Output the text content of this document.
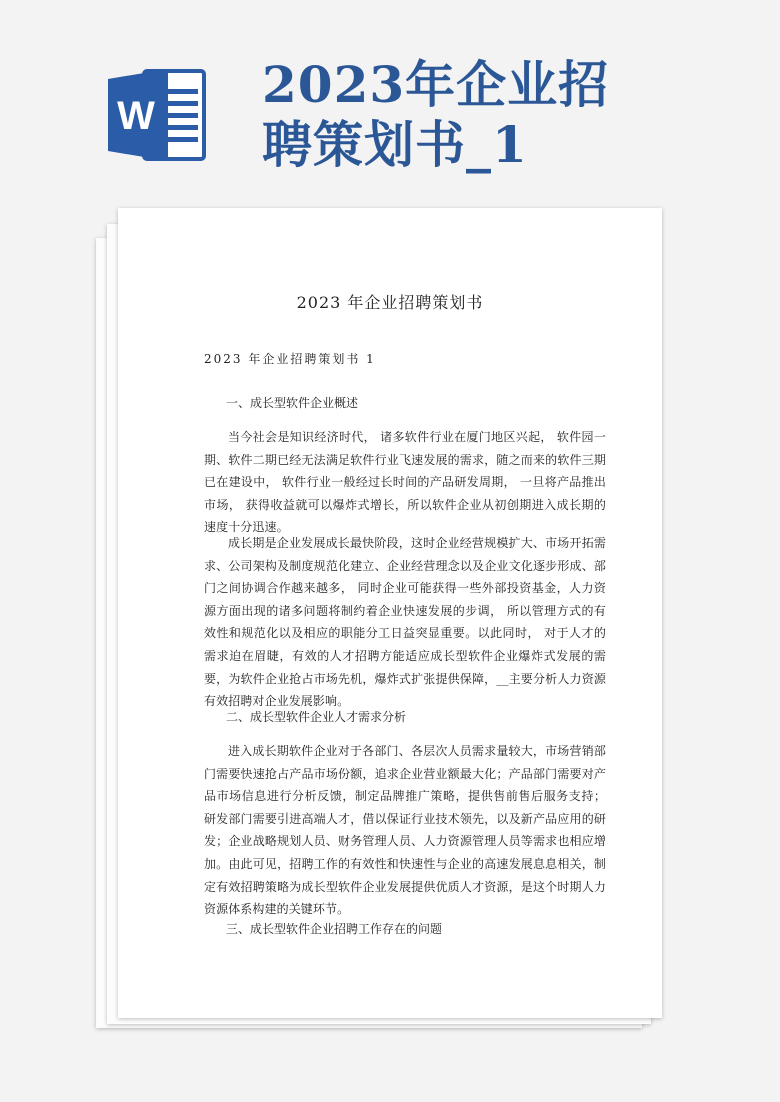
W
2023年企业招
聘策划书_1
2023 年企业招聘策划书
2023 年企业招聘策划书 1
一、成长型软件企业概述
当今社会是知识经济时代， 诸多软件行业在厦门地区兴起， 软件园一期、软件二期已经无法满足软件行业飞速发展的需求，随之而来的软件三期已在建设中， 软件行业一般经过长时间的产品研发周期， 一旦将产品推出市场， 获得收益就可以爆炸式增长，所以软件企业从初创期进入成长期的速度十分迅速。
成长期是企业发展成长最快阶段，这时企业经营规模扩大、市场开拓需求、公司架构及制度规范化建立、企业经营理念以及企业文化逐步形成、部门之间协调合作越来越多， 同时企业可能获得一些外部投资基金，人力资源方面出现的诸多问题将制约着企业快速发展的步调， 所以管理方式的有效性和规范化以及相应的职能分工日益突显重要。以此同时， 对于人才的需求迫在眉睫，有效的人才招聘方能适应成长型软件企业爆炸式发展的需要，为软件企业抢占市场先机，爆炸式扩张提供保障，__主要分析人力资源有效招聘对企业发展影响。
二、成长型软件企业人才需求分析
进入成长期软件企业对于各部门、各层次人员需求量较大，市场营销部门需要快速抢占产品市场份额，追求企业营业额最大化；产品部门需要对产品市场信息进行分析反馈，制定品牌推广策略，提供售前售后服务支持； 研发部门需要引进高端人才，借以保证行业技术领先，以及新产品应用的研发；企业战略规划人员、财务管理人员、人力资源管理人员等需求也相应增加。由此可见，招聘工作的有效性和快速性与企业的高速发展息息相关，制定有效招聘策略为成长型软件企业发展提供优质人才资源，是这个时期人力资源体系构建的关键环节。
三、成长型软件企业招聘工作存在的问题
